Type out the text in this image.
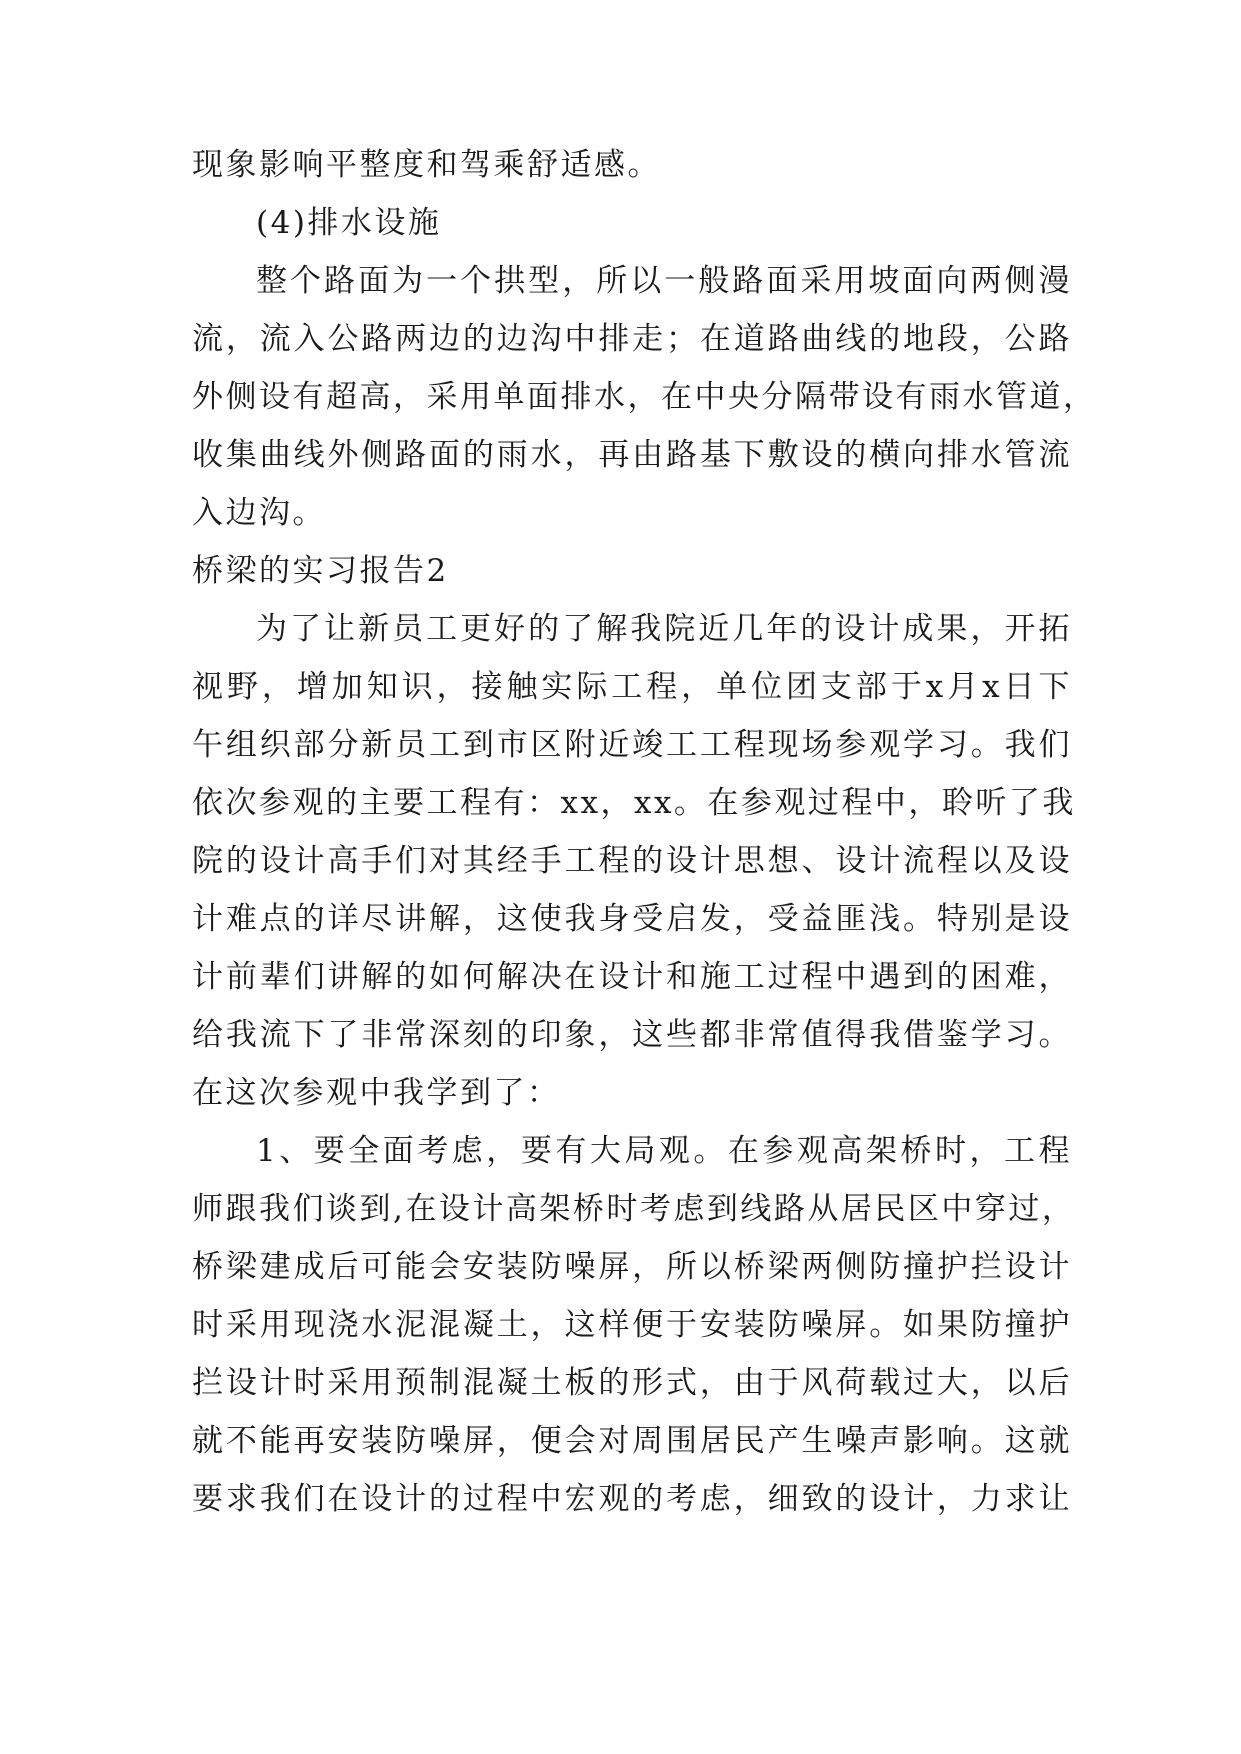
现象影响平整度和驾乘舒适感。
(4)排水设施
整个路面为一个拱型，所以一般路面采用坡面向两侧漫
流，流入公路两边的边沟中排走；在道路曲线的地段，公路
外侧设有超高，采用单面排水，在中央分隔带设有雨水管道，
收集曲线外侧路面的雨水，再由路基下敷设的横向排水管流
入边沟。
桥梁的实习报告2
为了让新员工更好的了解我院近几年的设计成果，开拓
视野，增加知识，接触实际工程，单位团支部于x月x日下
午组织部分新员工到市区附近竣工工程现场参观学习。我们
依次参观的主要工程有：xx，xx。在参观过程中，聆听了我
院的设计高手们对其经手工程的设计思想、设计流程以及设
计难点的详尽讲解，这使我身受启发，受益匪浅。特别是设
计前辈们讲解的如何解决在设计和施工过程中遇到的困难，
给我流下了非常深刻的印象，这些都非常值得我借鉴学习。
在这次参观中我学到了：
1、要全面考虑，要有大局观。在参观高架桥时，工程
师跟我们谈到,在设计高架桥时考虑到线路从居民区中穿过，
桥梁建成后可能会安装防噪屏，所以桥梁两侧防撞护拦设计
时采用现浇水泥混凝土，这样便于安装防噪屏。如果防撞护
拦设计时采用预制混凝土板的形式，由于风荷载过大，以后
就不能再安装防噪屏，便会对周围居民产生噪声影响。这就
要求我们在设计的过程中宏观的考虑，细致的设计，力求让
